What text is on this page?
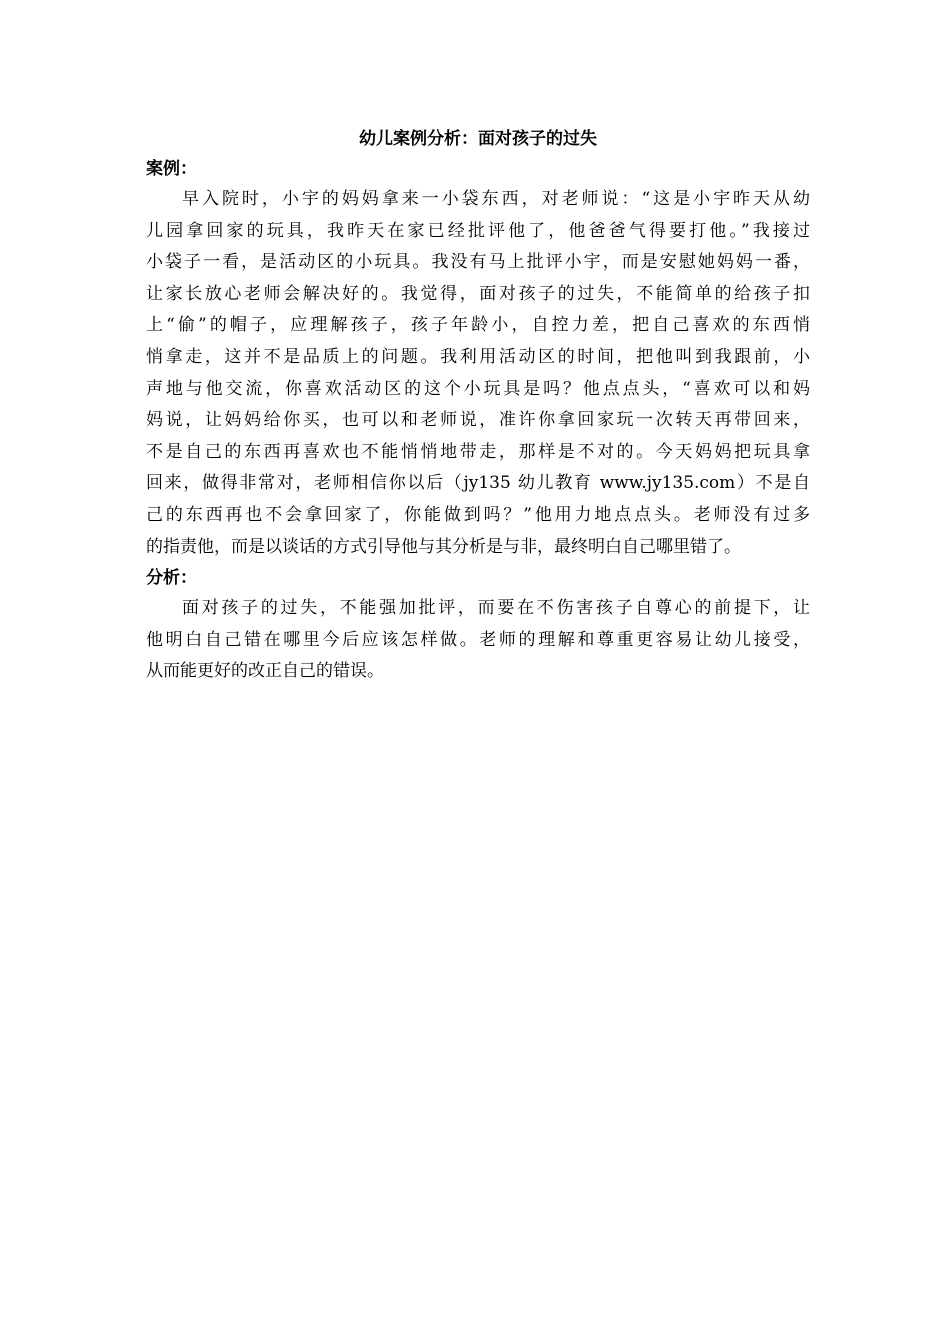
幼儿案例分析：面对孩子的过失
案例：
早入院时，小宇的妈妈拿来一小袋东西，对老师说：“这是小宇昨天从幼
儿园拿回家的玩具，我昨天在家已经批评他了，他爸爸气得要打他。”我接过
小袋子一看，是活动区的小玩具。我没有马上批评小宇，而是安慰她妈妈一番，
让家长放心老师会解决好的。我觉得，面对孩子的过失，不能简单的给孩子扣
上“偷”的帽子，应理解孩子，孩子年龄小，自控力差，把自己喜欢的东西悄
悄拿走，这并不是品质上的问题。我利用活动区的时间，把他叫到我跟前，小
声地与他交流，你喜欢活动区的这个小玩具是吗？他点点头，“喜欢可以和妈
妈说，让妈妈给你买，也可以和老师说，准许你拿回家玩一次转天再带回来，
不是自己的东西再喜欢也不能悄悄地带走，那样是不对的。今天妈妈把玩具拿
回来，做得非常对，老师相信你以后（jy135 幼儿教育 www.jy135.com）不是自
己的东西再也不会拿回家了，你能做到吗？”他用力地点点头。老师没有过多
的指责他，而是以谈话的方式引导他与其分析是与非，最终明白自己哪里错了。
分析：
面对孩子的过失，不能强加批评，而要在不伤害孩子自尊心的前提下，让
他明白自己错在哪里今后应该怎样做。老师的理解和尊重更容易让幼儿接受，
从而能更好的改正自己的错误。
